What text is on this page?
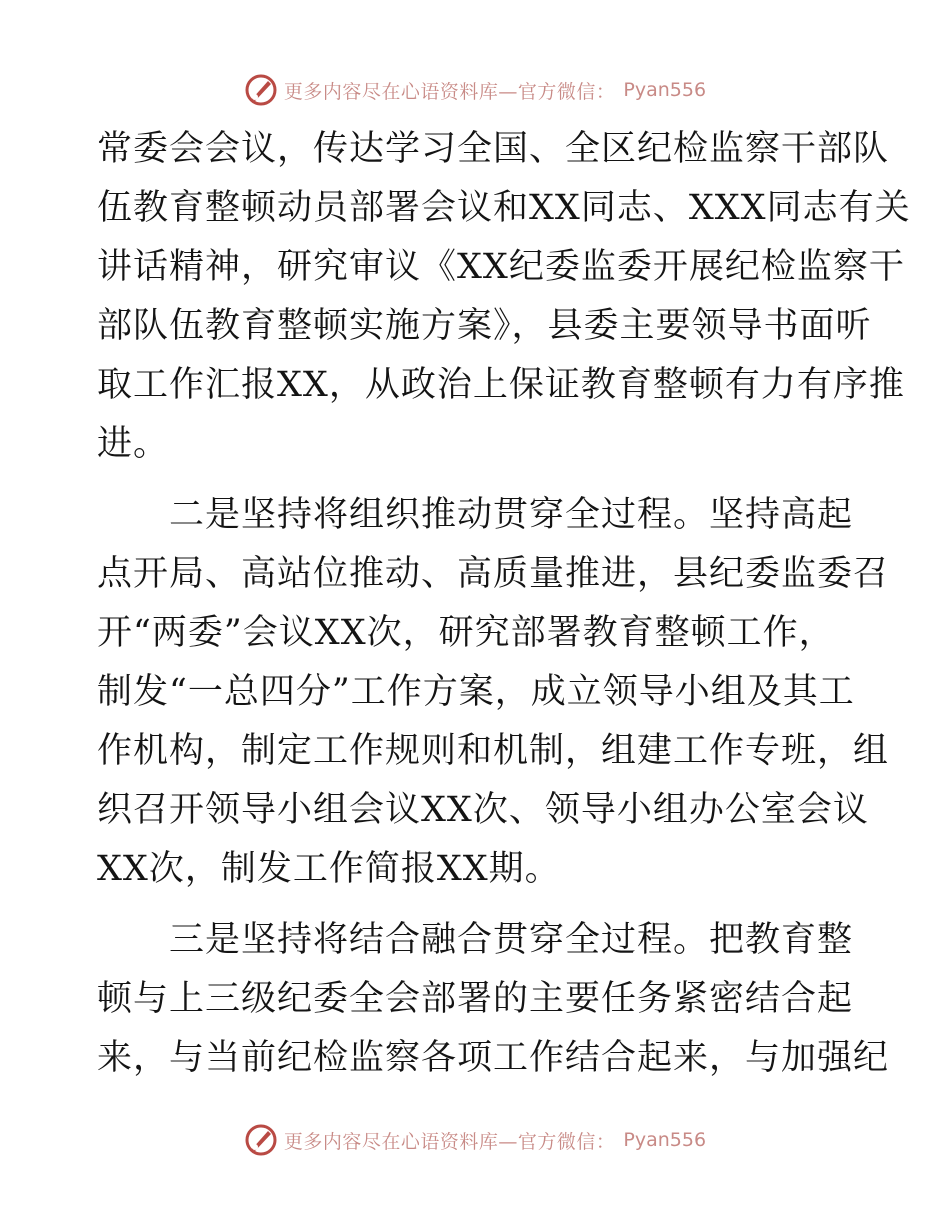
更多内容尽在心语资料库—官方微信： Pyan556
常委会会议，传达学习全国、全区纪检监察干部队
伍教育整顿动员部署会议和XX同志、XXX同志有关
讲话精神，研究审议《XX纪委监委开展纪检监察干
部队伍教育整顿实施方案》，县委主要领导书面听
取工作汇报XX，从政治上保证教育整顿有力有序推
进。
　　二是坚持将组织推动贯穿全过程。坚持高起
点开局、高站位推动、高质量推进，县纪委监委召
开“两委”会议XX次，研究部署教育整顿工作，
制发“一总四分”工作方案，成立领导小组及其工
作机构，制定工作规则和机制，组建工作专班，组
织召开领导小组会议XX次、领导小组办公室会议
XX次，制发工作简报XX期。
　　三是坚持将结合融合贯穿全过程。把教育整
顿与上三级纪委全会部署的主要任务紧密结合起
来，与当前纪检监察各项工作结合起来，与加强纪
更多内容尽在心语资料库—官方微信： Pyan556
